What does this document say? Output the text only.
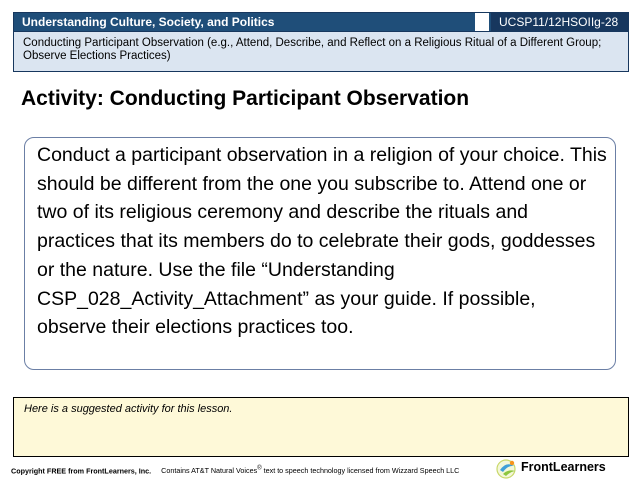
Understanding Culture, Society, and Politics	UCSP11/12HSOIIg-28
Conducting Participant Observation (e.g., Attend, Describe, and Reflect on a Religious Ritual of a Different Group; Observe Elections Practices)
Activity: Conducting Participant Observation

Conduct a participant observation in a religion of your choice. This should be different from the one you subscribe to. Attend one or two of its religious ceremony and describe the rituals and practices that its members do to celebrate their gods, goddesses or the nature. Use the file “Understanding CSP_028_Activity_Attachment” as your guide. If possible, observe their elections practices too.

Here is a suggested activity for this lesson.
Copyright FREE from FrontLearners, Inc. Contains AT&T Natural Voices® text to speech technology licensed from Wizzard Speech LLC	FrontLearners
